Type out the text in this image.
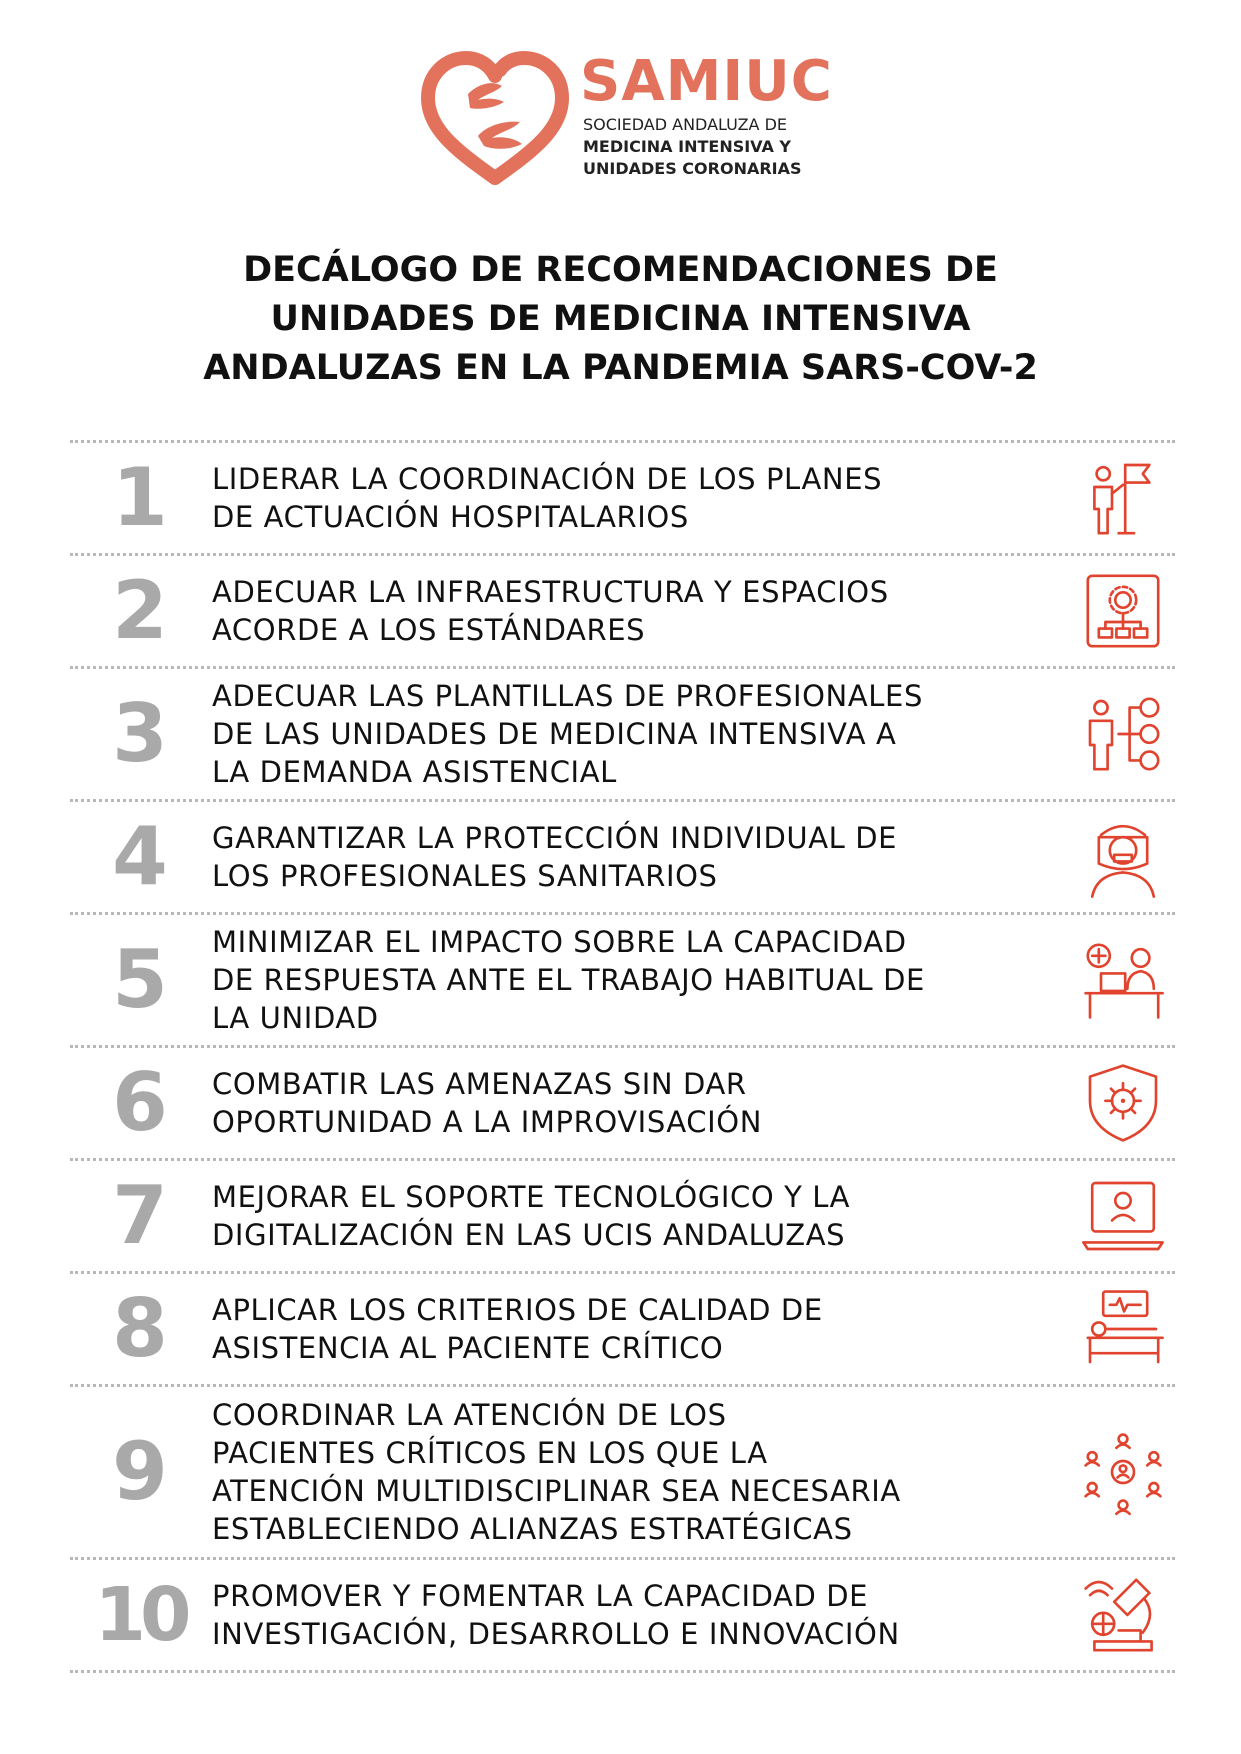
SAMIUC
SOCIEDAD ANDALUZA DE
MEDICINA INTENSIVA Y
UNIDADES CORONARIAS
DECÁLOGO DE RECOMENDACIONES DE
UNIDADES DE MEDICINA INTENSIVA
ANDALUZAS EN LA PANDEMIA SARS-COV-2
1	LIDERAR LA COORDINACIÓN DE LOS PLANES
DE ACTUACIÓN HOSPITALARIOS
2	ADECUAR LA INFRAESTRUCTURA Y ESPACIOS
ACORDE A LOS ESTÁNDARES
3	ADECUAR LAS PLANTILLAS DE PROFESIONALES
DE LAS UNIDADES DE MEDICINA INTENSIVA A
LA DEMANDA ASISTENCIAL
4	GARANTIZAR LA PROTECCIÓN INDIVIDUAL DE
LOS PROFESIONALES SANITARIOS
5	MINIMIZAR EL IMPACTO SOBRE LA CAPACIDAD
DE RESPUESTA ANTE EL TRABAJO HABITUAL DE
LA UNIDAD
6	COMBATIR LAS AMENAZAS SIN DAR
OPORTUNIDAD A LA IMPROVISACIÓN
7	MEJORAR EL SOPORTE TECNOLÓGICO Y LA
DIGITALIZACIÓN EN LAS UCIS ANDALUZAS
8	APLICAR LOS CRITERIOS DE CALIDAD DE
ASISTENCIA AL PACIENTE CRÍTICO
9
COORDINAR LA ATENCIÓN DE LOS
PACIENTES CRÍTICOS EN LOS QUE LA
ATENCIÓN MULTIDISCIPLINAR SEA NECESARIA
ESTABLECIENDO ALIANZAS ESTRATÉGICAS
10 PROMOVER Y FOMENTAR LA CAPACIDAD DE
INVESTIGACIÓN, DESARROLLO E INNOVACIÓN
